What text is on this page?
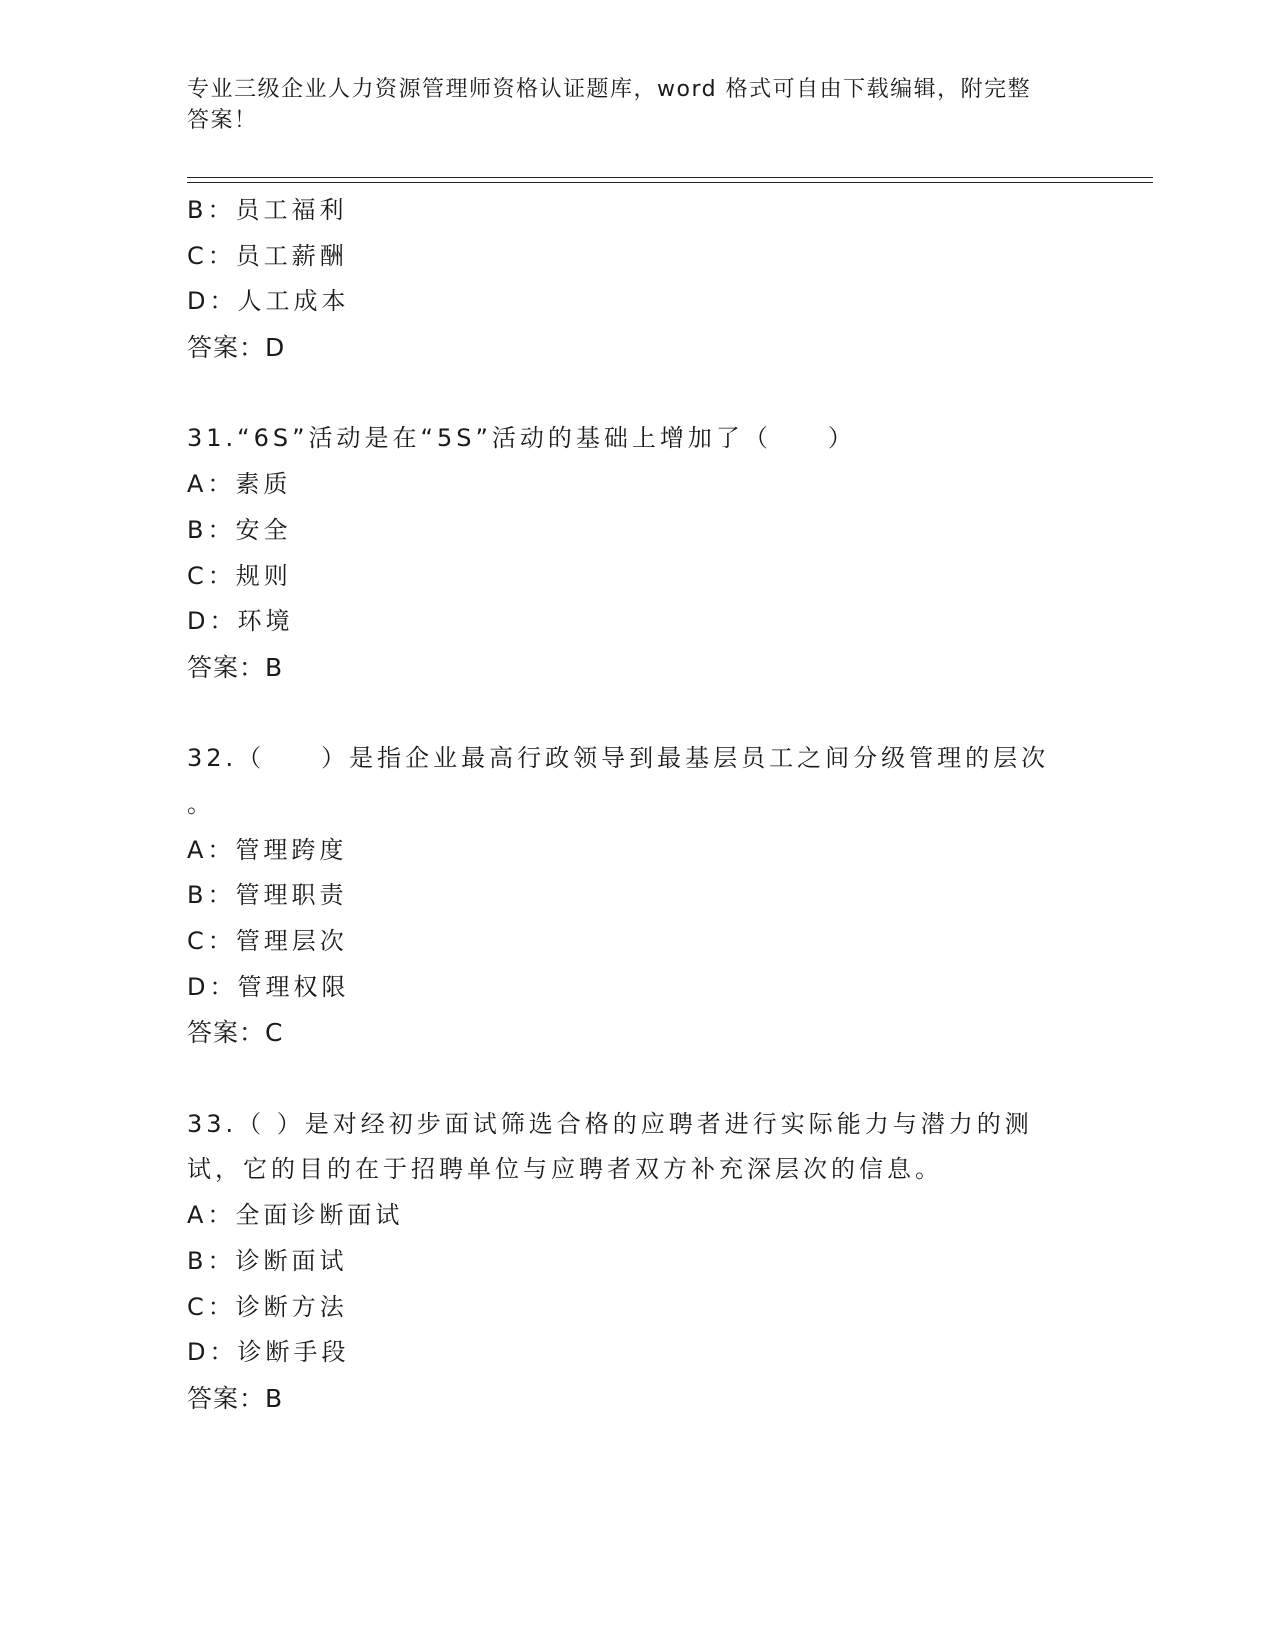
专业三级企业人力资源管理师资格认证题库，word 格式可自由下载编辑，附完整
答案！
B：员工福利
C：员工薪酬
D：人工成本
答案：D
31.“6S”活动是在“5S”活动的基础上增加了（　　）
A：素质
B：安全
C：规则
D：环境
答案：B
32.（　　）是指企业最高行政领导到最基层员工之间分级管理的层次
。
A：管理跨度
B：管理职责
C：管理层次
D：管理权限
答案：C
33.（ ）是对经初步面试筛选合格的应聘者进行实际能力与潜力的测
试，它的目的在于招聘单位与应聘者双方补充深层次的信息。
A：全面诊断面试
B：诊断面试
C：诊断方法
D：诊断手段
答案：B
